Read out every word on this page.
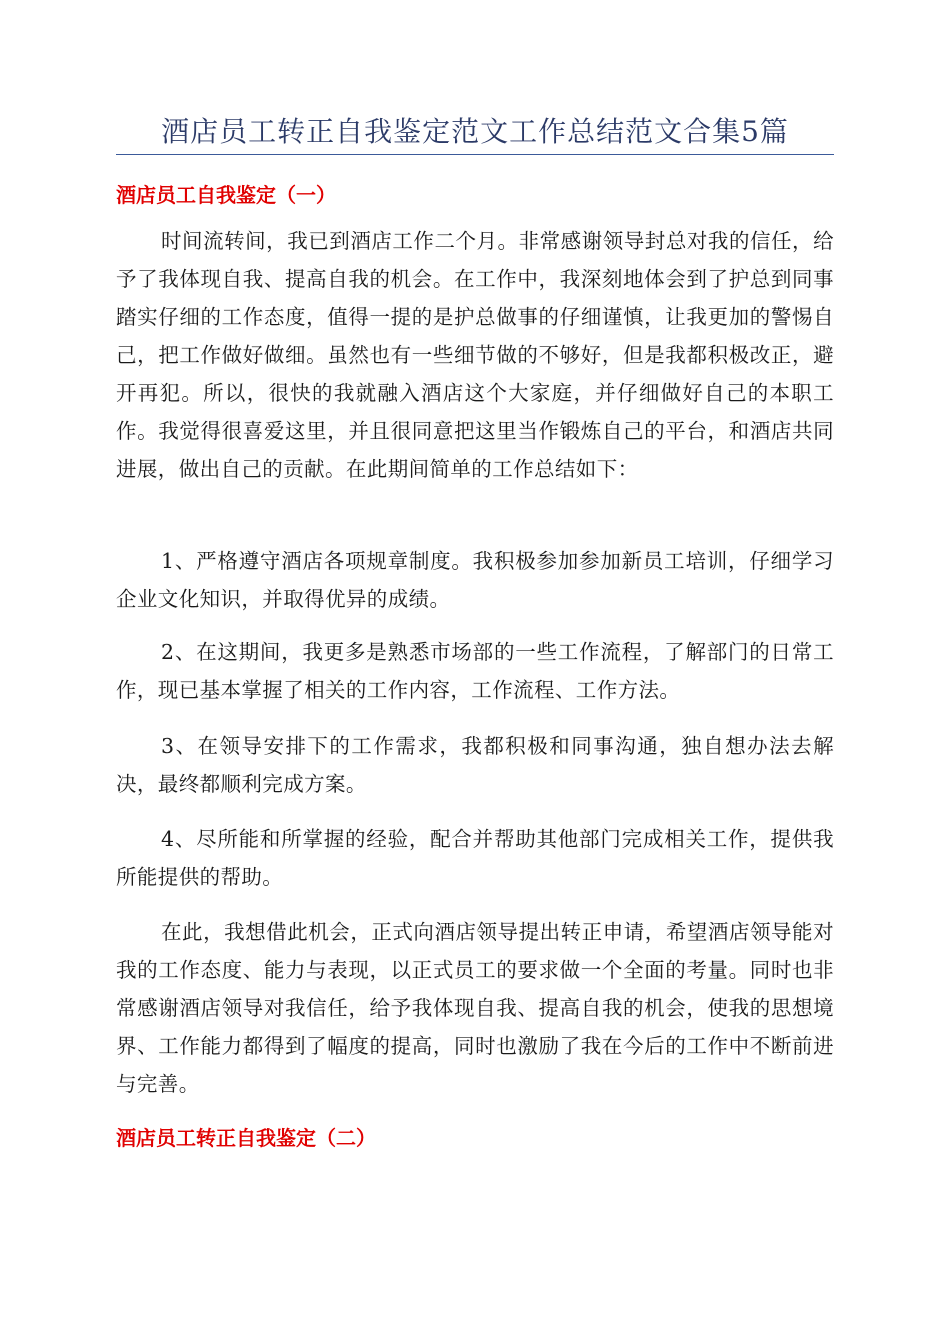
酒店员工转正自我鉴定范文工作总结范文合集5篇
酒店员工自我鉴定（一）

时间流转间，我已到酒店工作二个月。非常感谢领导封总对我的信任，给予了我体现自我、提高自我的机会。在工作中，我深刻地体会到了护总到同事踏实仔细的工作态度，值得一提的是护总做事的仔细谨慎，让我更加的警惕自己，把工作做好做细。虽然也有一些细节做的不够好，但是我都积极改正，避开再犯。所以，很快的我就融入酒店这个大家庭，并仔细做好自己的本职工作。我觉得很喜爱这里，并且很同意把这里当作锻炼自己的平台，和酒店共同进展，做出自己的贡献。在此期间简单的工作总结如下：

1、严格遵守酒店各项规章制度。我积极参加参加新员工培训，仔细学习企业文化知识，并取得优异的成绩。

2、在这期间，我更多是熟悉市场部的一些工作流程，了解部门的日常工作，现已基本掌握了相关的工作内容，工作流程、工作方法。

3、在领导安排下的工作需求，我都积极和同事沟通，独自想办法去解决，最终都顺利完成方案。

4、尽所能和所掌握的经验，配合并帮助其他部门完成相关工作，提供我所能提供的帮助。

在此，我想借此机会，正式向酒店领导提出转正申请，希望酒店领导能对我的工作态度、能力与表现，以正式员工的要求做一个全面的考量。同时也非常感谢酒店领导对我信任，给予我体现自我、提高自我的机会，使我的思想境界、工作能力都得到了幅度的提高，同时也激励了我在今后的工作中不断前进与完善。

酒店员工转正自我鉴定（二）
